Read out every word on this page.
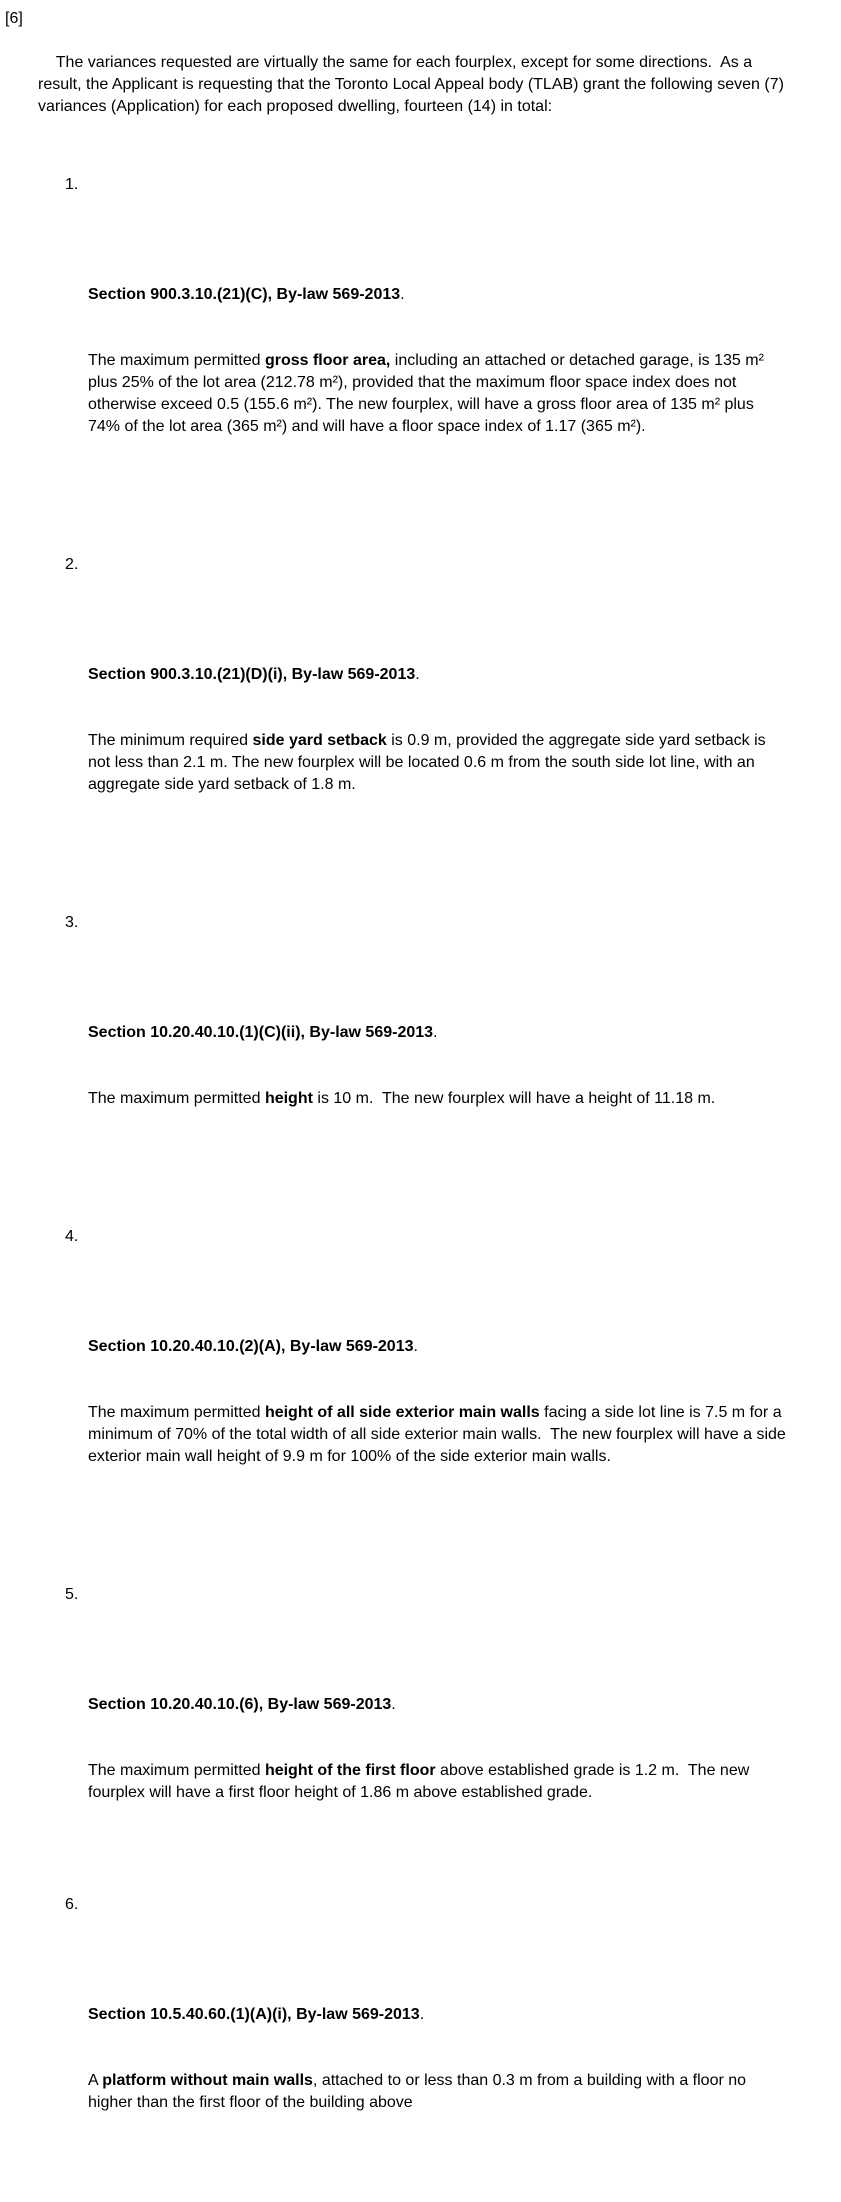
[6]

The variances requested are virtually the same for each fourplex, except for some directions.  As a result, the Applicant is requesting that the Toronto Local Appeal body (TLAB) grant the following seven (7) variances (Application) for each proposed dwelling, fourteen (14) in total:

1.

Section 900.3.10.(21)(C), By-law 569-2013.

The maximum permitted gross floor area, including an attached or detached garage, is 135 m² plus 25% of the lot area (212.78 m²), provided that the maximum floor space index does not otherwise exceed 0.5 (155.6 m²). The new fourplex, will have a gross floor area of 135 m² plus 74% of the lot area (365 m²) and will have a floor space index of 1.17 (365 m²).

2.

Section 900.3.10.(21)(D)(i), By-law 569-2013.

The minimum required side yard setback is 0.9 m, provided the aggregate side yard setback is not less than 2.1 m. The new fourplex will be located 0.6 m from the south side lot line, with an aggregate side yard setback of 1.8 m.

3.

Section 10.20.40.10.(1)(C)(ii), By-law 569-2013.

The maximum permitted height is 10 m.  The new fourplex will have a height of 11.18 m.

4.

Section 10.20.40.10.(2)(A), By-law 569-2013.

The maximum permitted height of all side exterior main walls facing a side lot line is 7.5 m for a minimum of 70% of the total width of all side exterior main walls.  The new fourplex will have a side exterior main wall height of 9.9 m for 100% of the side exterior main walls.

5.

Section 10.20.40.10.(6), By-law 569-2013.

The maximum permitted height of the first floor above established grade is 1.2 m.  The new fourplex will have a first floor height of 1.86 m above established grade.

6.

Section 10.5.40.60.(1)(A)(i), By-law 569-2013.

A platform without main walls, attached to or less than 0.3 m from a building with a floor no higher than the first floor of the building above
